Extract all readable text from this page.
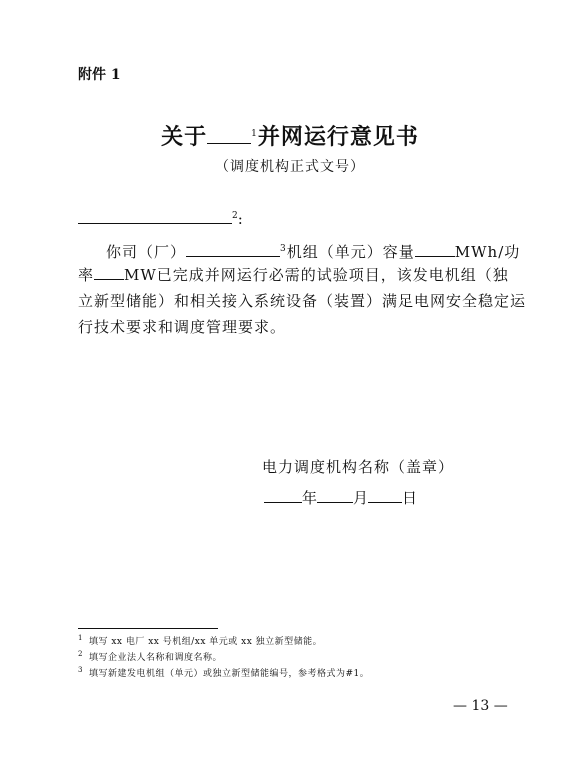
附件 1
关于	$^1$并网运行意见书
（调度机构正式文号）
$^2$:
你司（厂）	$^3$机组（单元）容量	MWh/功
率 MW已完成并网运行必需的试验项目，该发电机组（独
立新型储能）和相关接入系统设备（装置）满足电网安全稳定运
行技术要求和调度管理要求。
电力调度机构名称（盖章）
年 月 日
$^1$ 填写 xx 电厂 xx 号机组/xx 单元或 xx 独立新型储能。
$^2$ 填写企业法人名称和调度名称。
$^3$ 填写新建发电机组（单元）或独立新型储能编号，参考格式为#1。
— 13 —
